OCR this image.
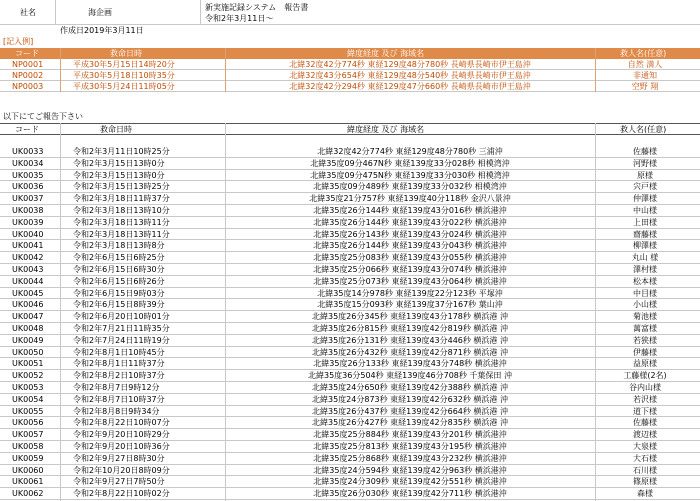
社名	海企画
新実施記録システム　報告書
令和2年3月11日～
作成日2019年3月11日
[記入例]
コード	救命日時	緯度経度 及び 海域名	救人名(任意)
NP0001	平成30年5月15日14時20分	北緯32度42分774秒 東経129度48分780秒 長崎県長崎市伊王島沖	自然 満人
NP0002	平成30年5月18日10時35分	北緯32度43分654秒 東経129度48分540秒 長崎県長崎市伊王島沖	非通知
NP0003	平成30年5月24日11時05分	北緯32度42分294秒 東経129度47分660秒 長崎県長崎市伊王島沖	空野 翔
以下にてご報告下さい
コード	救命日時	緯度経度 及び 海域名	救人名(任意)
UK0033	令和2年3月11日10時25分	北緯32度42分774秒 東経129度48分780秒 三浦沖	佐藤様
UK0034	令和2年3月15日13時0分	北緯35度09分467N秒 東経139度33分028秒 相模湾沖	河野様
UK0035	令和2年3月15日13時0分	北緯35度09分475N秒 東経139度33分030秒 相模湾沖	原様
UK0036	令和2年3月15日13時25分	北緯35度09分489秒 東経139度33分032秒 相模湾沖	宍戸様
UK0037	令和2年3月18日11時37分	北緯35度21分757秒 東経139度40分118秒 金沢八景沖	仲澤様
UK0038	令和2年3月18日13時10分	北緯35度26分144秒 東経139度43分016秒 横浜港沖	中山様
UK0039	令和2年3月18日13時11分	北緯35度26分144秒 東経139度43分022秒 横浜港沖	上田様
UK0040	令和2年3月18日13時11分	北緯35度26分143秒 東経139度43分024秒 横浜港沖	齋藤様
UK0041	令和2年3月18日13時8分	北緯35度26分144秒 東経139度43分043秒 横浜港沖	柳澤様
UK0042	令和2年6月15日6時25分	北緯35度25分083秒 東経139度43分055秒 横浜港沖	丸山 様
UK0043	令和2年6月15日6時30分	北緯35度25分066秒 東経139度43分074秒 横浜港沖	澤村様
UK0044	令和2年6月15日6時26分	北緯35度25分073秒 東経139度43分064秒 横浜港沖	松本様
UK0045	令和2年6月15日9時03分	北緯35度14分978秒 東経139度22分123秒 平塚沖	中目様
UK0046	令和2年6月15日8時39分	北緯35度15分093秒 東経139度37分167秒 葉山沖	小山様
UK0047	令和2年6月20日10時01分	北緯35度26分345秒 東経139度43分178秒 横浜港 沖	菊池様
UK0048	令和2年7月21日11時35分	北緯35度26分815秒 東経139度42分819秒 横浜港 沖	萬富様
UK0049	令和2年7月24日11時19分	北緯35度26分131秒 東経139度43分446秒 横浜港 沖	若狭様
UK0050	令和2年8月1日10時45分	北緯35度26分432秒 東経139度42分871秒 横浜港 沖	伊藤様
UK0051	令和2年8月1日11時37分	北緯35度26分133秒 東経139度43分748秒 横浜港沖	益原様
UK0052	令和2年8月2日10時37分	北緯35度36分504秒 東経139度46分708秒 千葉保田 沖	工藤様(2名)
UK0053	令和2年8月7日9時12分	北緯35度24分650秒 東経139度42分388秒 横浜港 沖	谷内山様
UK0054	令和2年8月7日10時37分	北緯35度24分873秒 東経139度42分632秒 横浜港 沖	若沢様
UK0055	令和2年8月8日9時34分	北緯35度26分437秒 東経139度42分664秒 横浜港 沖	道下様
UK0056	令和2年8月22日10時07分	北緯35度26分427秒 東経139度42分835秒 横浜港 沖	佐藤様
UK0057	令和2年9月20日10時29分	北緯35度25分884秒 東経139度43分201秒 横浜港沖	渡辺様
UK0058	令和2年9月20日10時36分	北緯35度25分813秒 東経139度43分195秒 横浜港沖	大泉様
UK0059	令和2年9月27日8時30分	北緯35度25分868秒 東経139度43分232秒 横浜港沖	大石様
UK0060	令和2年10月20日8時09分	北緯35度24分594秒 東経139度42分963秒 横浜港沖	石川様
UK0061	令和2年9月27日7時50分	北緯35度24分309秒 東経139度42分551秒 横浜港沖	篠原様
UK0062	令和2年8月22日10時02分	北緯35度26分030秒 東経139度42分711秒 横浜港沖	森様
